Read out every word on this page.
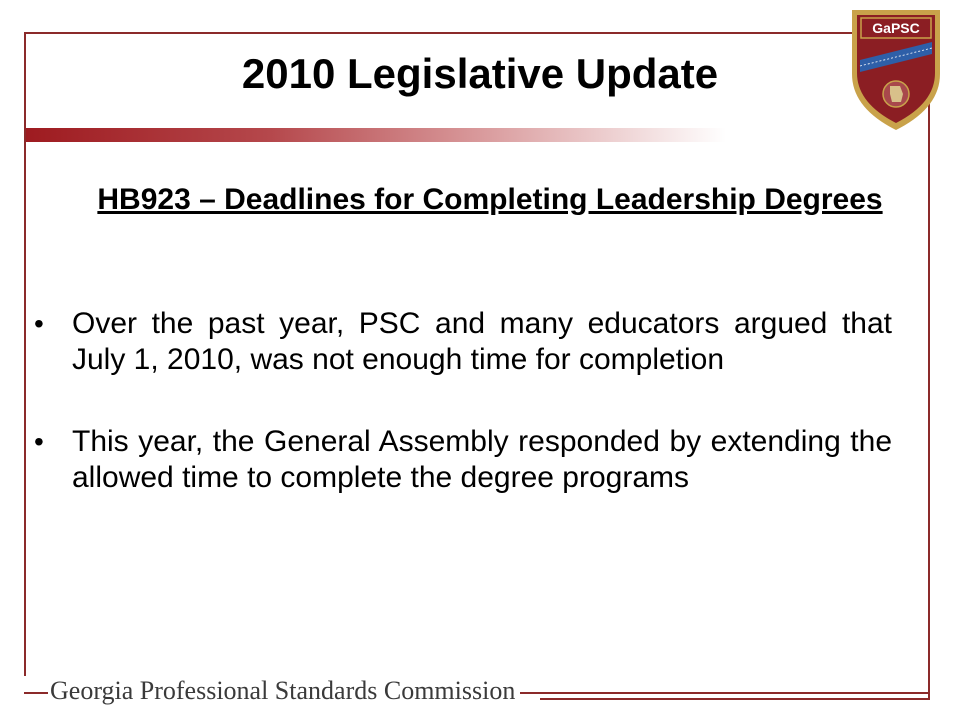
2010 Legislative Update
GaPSC
HB923 – Deadlines for Completing Leadership Degrees
• Over the past year, PSC and many educators argued that July 1, 2010, was not enough time for completion
• This year, the General Assembly responded by extending the allowed time to complete the degree programs
Georgia Professional Standards Commission
